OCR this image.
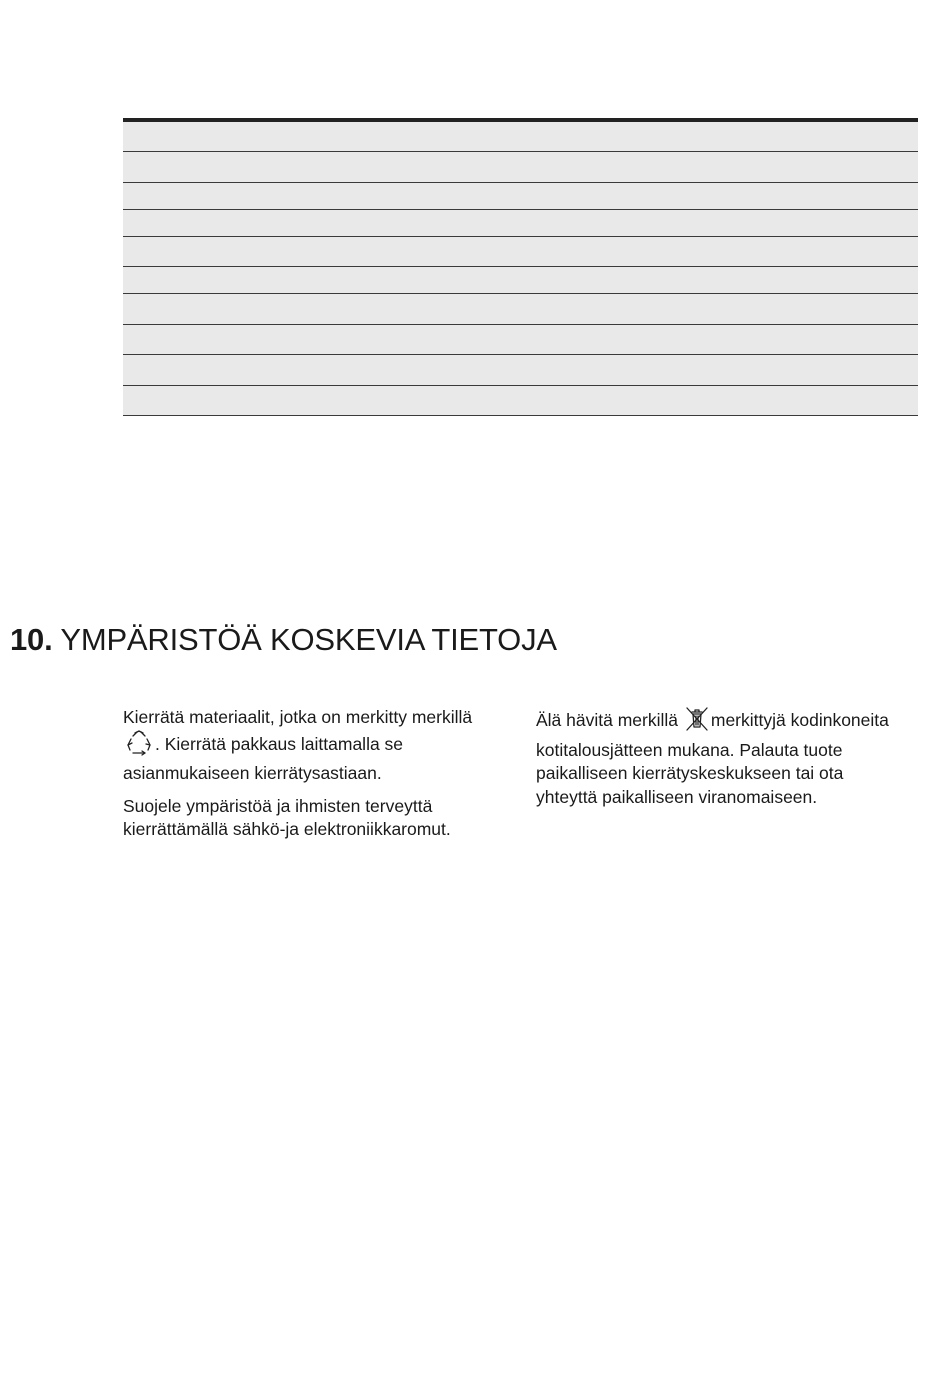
10. YMPÄRISTÖÄ KOSKEVIA TIETOJA

Kierrätä materiaalit, jotka on merkitty merkillä . Kierrätä pakkaus laittamalla se asianmukaiseen kierrätysastiaan.

Suojele ympäristöä ja ihmisten terveyttä kierrättämällä sähkö-ja elektroniikkaromut.

Älä hävitä merkillä merkittyjä kodinkoneita kotitalousjätteen mukana. Palauta tuote paikalliseen kierrätyskeskukseen tai ota yhteyttä paikalliseen viranomaiseen.
